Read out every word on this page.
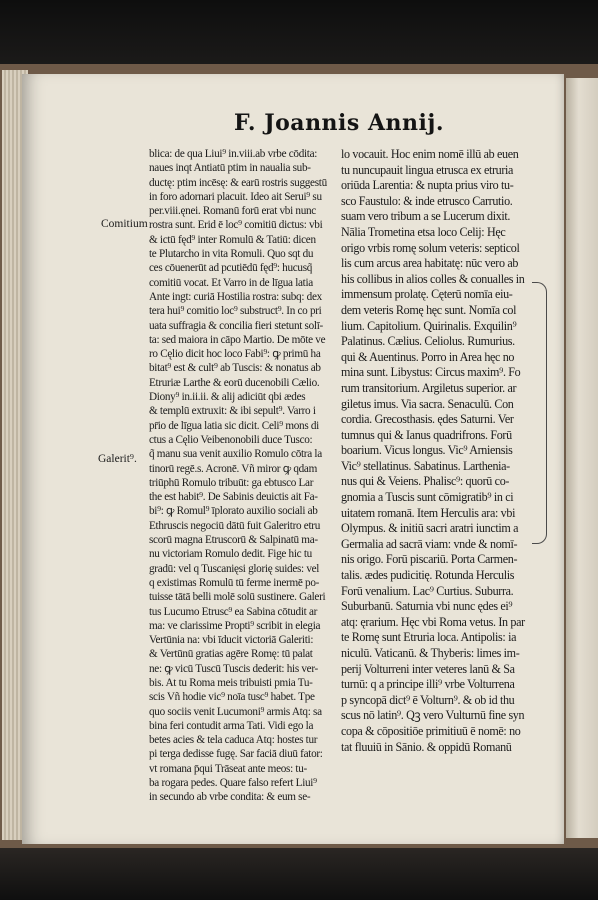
F. Joannis Annij.
Comitium
Galerit⁹.
blica: de qua Liui⁹ in.viii.ab vrbe cōdita:
naues inqt Antiatū ptim in naualia sub-
ductę: ptim incēsę: & earū rostris suggestū
in foro adornari placuit. Ideo ait Serui⁹ su
per.viii.ęneі. Romanū forū erat vbi nunc
rostra sunt. Erid ē loc⁹ comitiū dictus: vbi
& ictū fęd⁹ inter Romulū & Tatiū: dicen
te Plutarcho in vita Romuli. Quo sqt du
ces cōuenerūt ad pcutiēdū fęd⁹: hucusq̃
comitiū vocat. Et Varro in de līgua latia
Ante ingt: curiā Hostilia rostra: subq: dex
tera hui⁹ comitio loc⁹ substruct⁹. In co pri
uata suffragia & concilia fieri stetunt solī-
ta: sed maiora in cāpo Martio. De mōte ve
ro Cęlio dicit hoc loco Fabi⁹: ꝙ primū ha
bitat⁹ est & cult⁹ ab Tuscis: & nonatus ab
Etruriæ Larthe & eorū ducenobili Cælio.
Diony⁹ in.ii.ii. & alij adiciūt qbi ædes
& templū extruxit: & ibi sepult⁹. Varro i
pr̄io de līgua latia sic dicit. Celi⁹ mons di
ctus a Cęlio Veibenonobili duce Tusco:
q̃ manu sua venit auxilio Romulo cōtra la
tinorū regē.s. Acronē. Vñ miror ꝙ qdam
triūphū Romulo tribuūt: ga ebtusco Lar
the est habit⁹. De Sabinis deuictis ait Fa-
bi⁹: ꝙ Romul⁹ īplorato auxilio sociali ab
Ethruscis negociū dātū fuit Galeritro etru
scorū magna Etruscorū & Salpinatū ma-
nu victoriam Romulo dedit. Fige hic tu
gradū: vel q Tuscanięsi glorię suides: vel
q existimas Romulū tū ferme inermē po-
tuisse tātā belli molē solū sustinere. Galeri
tus Lucumo Etrusc⁹ ea Sabina cōtudit ar
ma: ve clarissime Propti⁹ scribit in elegia
Vertūnia na: vbi īducit victoriā Galeriti:
& Vertūnū gratias agēre Romę: tū palat
ne: ꝙ vicū Tuscū Tuscis dederit: his ver-
bis. At tu Roma meis tribuisti pmia Tu-
scis Vñ hodie vic⁹ noīa tusc⁹ habet. Tpe
quo sociis venit Lucumoni⁹ armis Atq: sa
bina feri contudit arma Tati. Vidi ego la
betes acies & tela caduca Atq: hostes tur
pi terga dedisse fugę. Sar faciā diuū fator:
vt romana p̄qui Trāseat ante meos: tu-
ba rogara pedes. Quare falso refert Liui⁹
in secundo ab vrbe condita: & eum se-
lo vocauit. Hoc enim nomē illū ab euen
tu nuncupauit lingua etrusca ex etruria
oriūda Larentia: & nupta prius viro tu-
sco Faustulo: & inde etrusco Carrutio.
suam vero tribum a se Lucerum dixit.
Nālia Trometina etsa loco Celij: Hęc
origo vrbis romę solum veteris: septicol
lis cum arcus area habitatę: nūc vero ab
his collibus in alios colles & conualles in
immensum prolatę. Cęterū nomīa eiu-
dem veteris Romę hęc sunt. Nomīa col
lium. Capitolium. Quirinalis. Exquilin⁹
Palatinus. Cælius. Celiolus. Rumurius.
qui & Auentinus. Porro in Area hęc no
mina sunt. Libystus: Circus maxim⁹. Fo
rum transitorium. Argiletus superior. ar
giletus imus. Via sacra. Senaculū. Con
cordia. Grecosthasis. ędes Saturni. Ver
tumnus qui & Ianus quadrifrons. Forū
boarium. Vicus longus. Vic⁹ Arniensis
Vic⁹ stellatinus. Sabatinus. Larthenia-
nus qui & Veiens. Phalisc⁹: quorū co-
gnomia a Tuscis sunt cōmigratib⁹ in ci
uitatem romanā. Item Herculis ara: vbi
Olympus. & initiū sacri aratri iunctim a
Germalia ad sacrā viam: vnde & nomī-
nis origo. Forū piscariū. Porta Carmen-
talis. ædes pudicitię. Rotunda Herculis
Forū venalium. Lac⁹ Curtius. Suburra.
Suburbanū. Saturnia vbi nunc ędes ei⁹
atq: ęrarium. Hęc vbi Roma vetus. In par
te Romę sunt Etruria loca. Antipolis: ia
niculū. Vaticanū. & Thyberis: limes im-
perij Volturreni inter veteres lanū & Sa
turnū: q a principe illi⁹ vrbe Volturrena
p syncopā dict⁹ ē Volturn⁹. & ob id thu
scus nō latin⁹. Qꝫ vero Vulturnū fine syn
copa & cōpositiōe primitiuū ē nomē: no
tat fluuiū in Sānio. & oppidū Romanū
